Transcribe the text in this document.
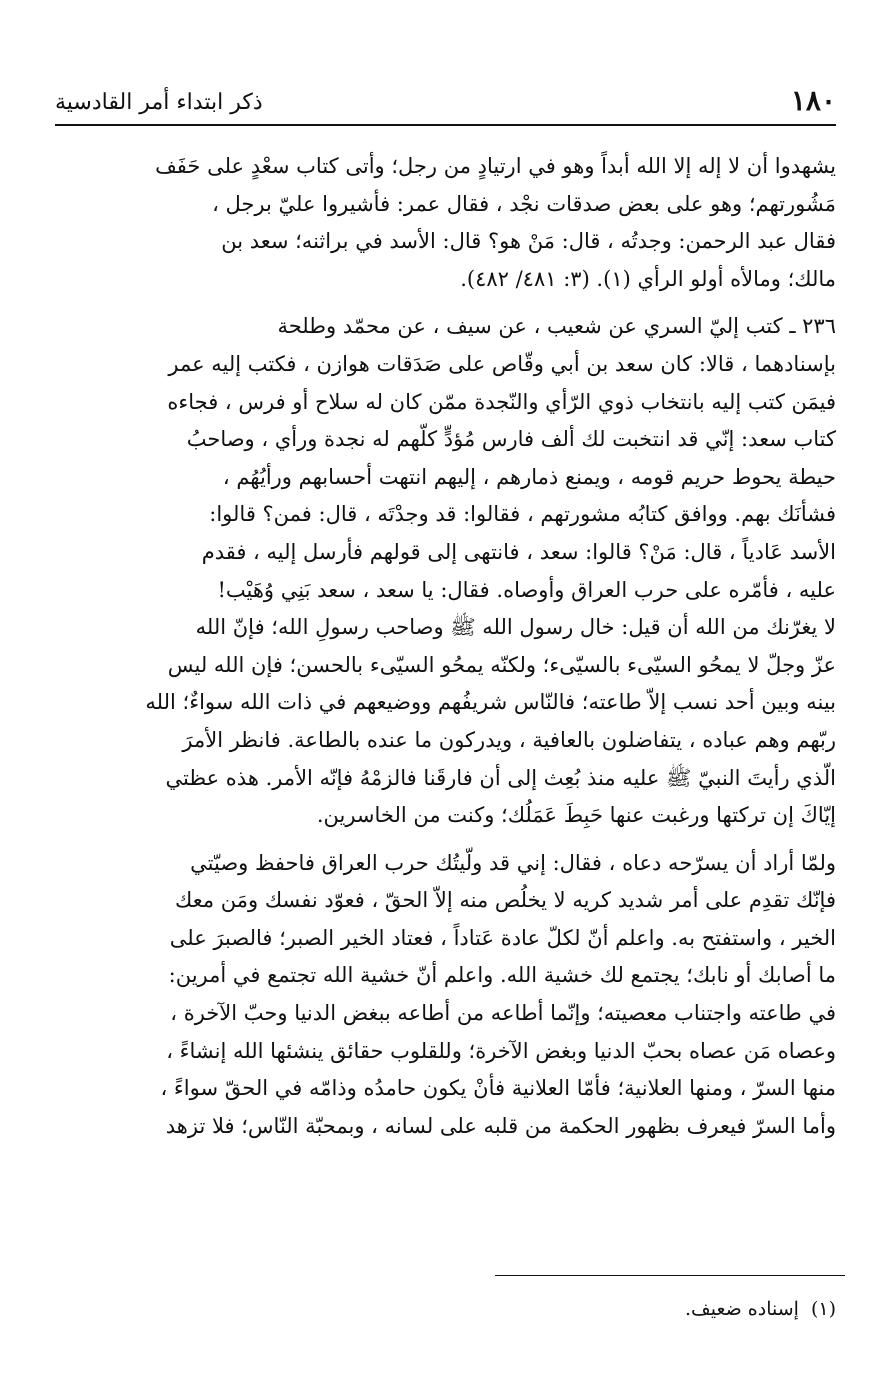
١٨٠
ذكر ابتداء أمر القادسية

يشهدوا أن لا إله إلا الله أبداً وهو في ارتيادٍ من رجل؛ وأتى كتاب سعْدٍ على حَفَف

مَشُورتهم؛ وهو على بعض صدقات نجْد ، فقال عمر: فأشيروا عليّ برجل ،

فقال عبد الرحمن: وجدتُه ، قال: مَنْ هو؟ قال: الأسد في براثنه؛ سعد بن

مالك؛ ومالأه أولو الرأي (١). (٣: ٤٨١/ ٤٨٢).

٢٣٦ ـ كتب إليّ السري عن شعيب ، عن سيف ، عن محمّد وطلحة

بإسنادهما ، قالا: كان سعد بن أبي وقّاص على صَدَقات هوازن ، فكتب إليه عمر

فيمَن كتب إليه بانتخاب ذوي الرّأي والنّجدة ممّن كان له سلاح أو فرس ، فجاءه

كتاب سعد: إنّي قد انتخبت لك ألف فارس مُؤدٍّ كلّهم له نجدة ورأي ، وصاحبُ

حيطة يحوط حريم قومه ، ويمنع ذمارهم ، إليهم انتهت أحسابهم ورأيُهُم ،

فشأنَك بهم. ووافق كتابُه مشورتهم ، فقالوا: قد وجدْتَه ، قال: فمن؟ قالوا:

الأسد عَادياً ، قال: مَنْ؟ قالوا: سعد ، فانتهى إلى قولهم فأرسل إليه ، فقدم

عليه ، فأمّره على حرب العراق وأوصاه. فقال: يا سعد ، سعد بَنِي وُهَيْب!

لا يغرّنك من الله أن قيل: خال رسول الله ﷺ وصاحب رسولِ الله؛ فإنّ الله

عزّ وجلّ لا يمحُو السيّىء بالسيّىء؛ ولكنّه يمحُو السيّىء بالحسن؛ فإن الله ليس

بينه وبين أحد نسب إلاّ طاعته؛ فالنّاس شريفُهم ووضيعهم في ذات الله سواءٌ؛ الله

ربّهم وهم عباده ، يتفاضلون بالعافية ، ويدركون ما عنده بالطاعة. فانظر الأمرَ

الّذي رأيتَ النبيّ ﷺ عليه منذ بُعِث إلى أن فارقَنا فالزمْهُ فإنّه الأمر. هذه عظتي

إيّاكَ إن تركتها ورغبت عنها حَبِطَ عَمَلُك؛ وكنت من الخاسرين.

ولمّا أراد أن يسرّحه دعاه ، فقال: إني قد ولّيتُك حرب العراق فاحفظ وصيّتي

فإنّك تقدِم على أمر شديد كريه لا يخلُص منه إلاّ الحقّ ، فعوّد نفسك ومَن معك

الخير ، واستفتح به. واعلم أنّ لكلّ عادة عَتاداً ، فعتاد الخير الصبر؛ فالصبرَ على

ما أصابك أو نابك؛ يجتمع لك خشية الله. واعلم أنّ خشية الله تجتمع في أمرين:

في طاعته واجتناب معصيته؛ وإنّما أطاعه من أطاعه ببغض الدنيا وحبّ الآخرة ،

وعصاه مَن عصاه بحبّ الدنيا وبغض الآخرة؛ وللقلوب حقائق ينشئها الله إنشاءً ،

منها السرّ ، ومنها العلانية؛ فأمّا العلانية فأنْ يكون حامدُه وذامّه في الحقّ سواءً ،

وأما السرّ فيعرف بظهور الحكمة من قلبه على لسانه ، وبمحبّة النّاس؛ فلا تزهد

(١)إسناده ضعيف.
